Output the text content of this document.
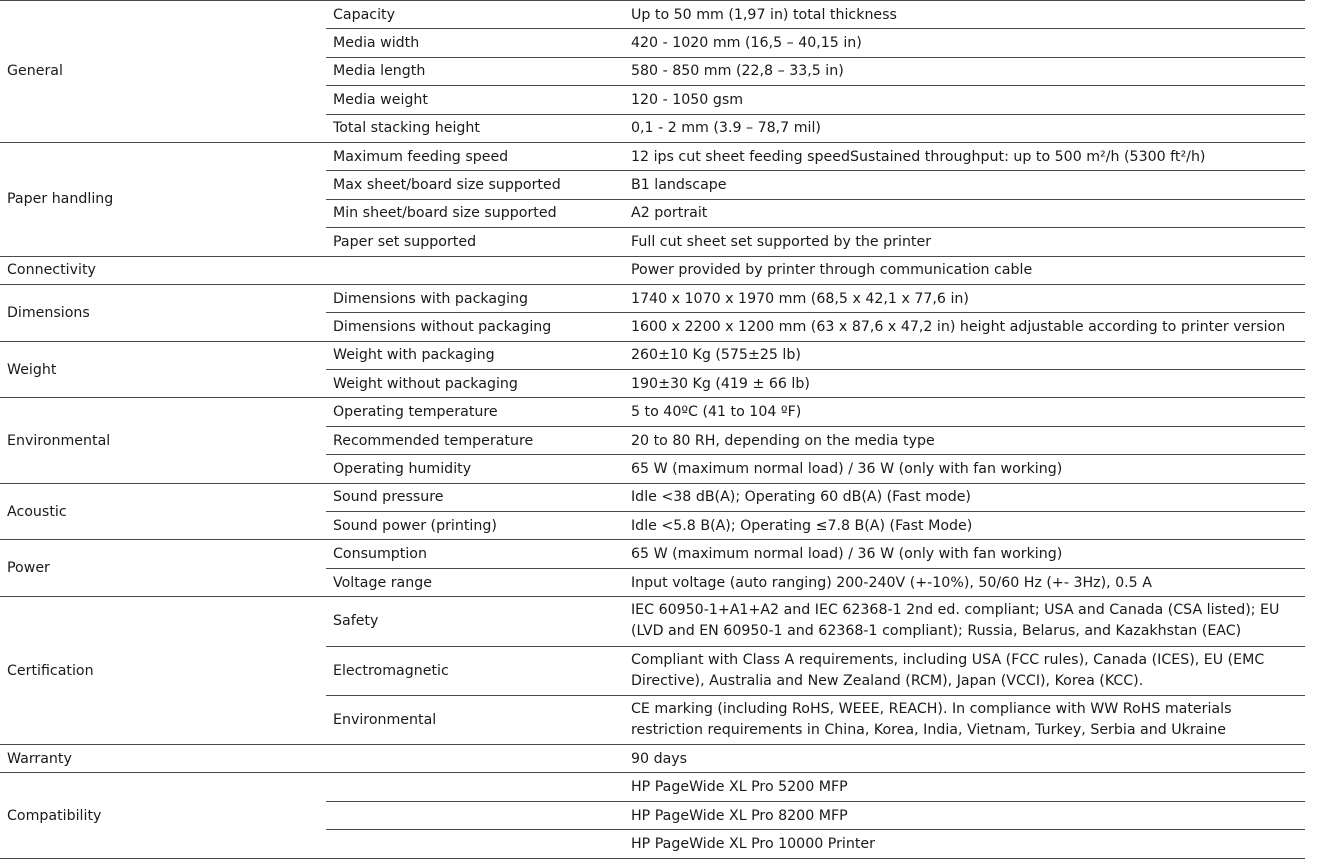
General	Capacity	Up to 50 mm (1,97 in) total thickness
	Media width	420 - 1020 mm (16,5 – 40,15 in)
	Media length	580 - 850 mm (22,8 – 33,5 in)
	Media weight	120 - 1050 gsm
	Total stacking height	0,1 - 2 mm (3.9 – 78,7 mil)
Paper handling	Maximum feeding speed	12 ips cut sheet feeding speedSustained throughput: up to 500 m²/h (5300 ft²/h)
	Max sheet/board size supported	B1 landscape
	Min sheet/board size supported	A2 portrait
	Paper set supported	Full cut sheet set supported by the printer
Connectivity		Power provided by printer through communication cable
Dimensions	Dimensions with packaging	1740 x 1070 x 1970 mm (68,5 x 42,1 x 77,6 in)
	Dimensions without packaging	1600 x 2200 x 1200 mm (63 x 87,6 x 47,2 in) height adjustable according to printer version
Weight	Weight with packaging	260±10 Kg (575±25 lb)
	Weight without packaging	190±30 Kg (419 ± 66 lb)
Environmental	Operating temperature	5 to 40ºC (41 to 104 ºF)
	Recommended temperature	20 to 80 RH, depending on the media type
	Operating humidity	65 W (maximum normal load) / 36 W (only with fan working)
Acoustic	Sound pressure	Idle <38 dB(A); Operating 60 dB(A) (Fast mode)
	Sound power (printing)	Idle <5.8 B(A); Operating ≤7.8 B(A) (Fast Mode)
Power	Consumption	65 W (maximum normal load) / 36 W (only with fan working)
	Voltage range	Input voltage (auto ranging) 200-240V (+-10%), 50/60 Hz (+- 3Hz), 0.5 A
Certification	Safety	IEC 60950-1+A1+A2 and IEC 62368-1 2nd ed. compliant; USA and Canada (CSA listed); EU (LVD and EN 60950-1 and 62368-1 compliant); Russia, Belarus, and Kazakhstan (EAC)
	Electromagnetic	Compliant with Class A requirements, including USA (FCC rules), Canada (ICES), EU (EMC Directive), Australia and New Zealand (RCM), Japan (VCCI), Korea (KCC).
	Environmental	CE marking (including RoHS, WEEE, REACH). In compliance with WW RoHS materials restriction requirements in China, Korea, India, Vietnam, Turkey, Serbia and Ukraine
Warranty		90 days
Compatibility		HP PageWide XL Pro 5200 MFP
		HP PageWide XL Pro 8200 MFP
		HP PageWide XL Pro 10000 Printer
